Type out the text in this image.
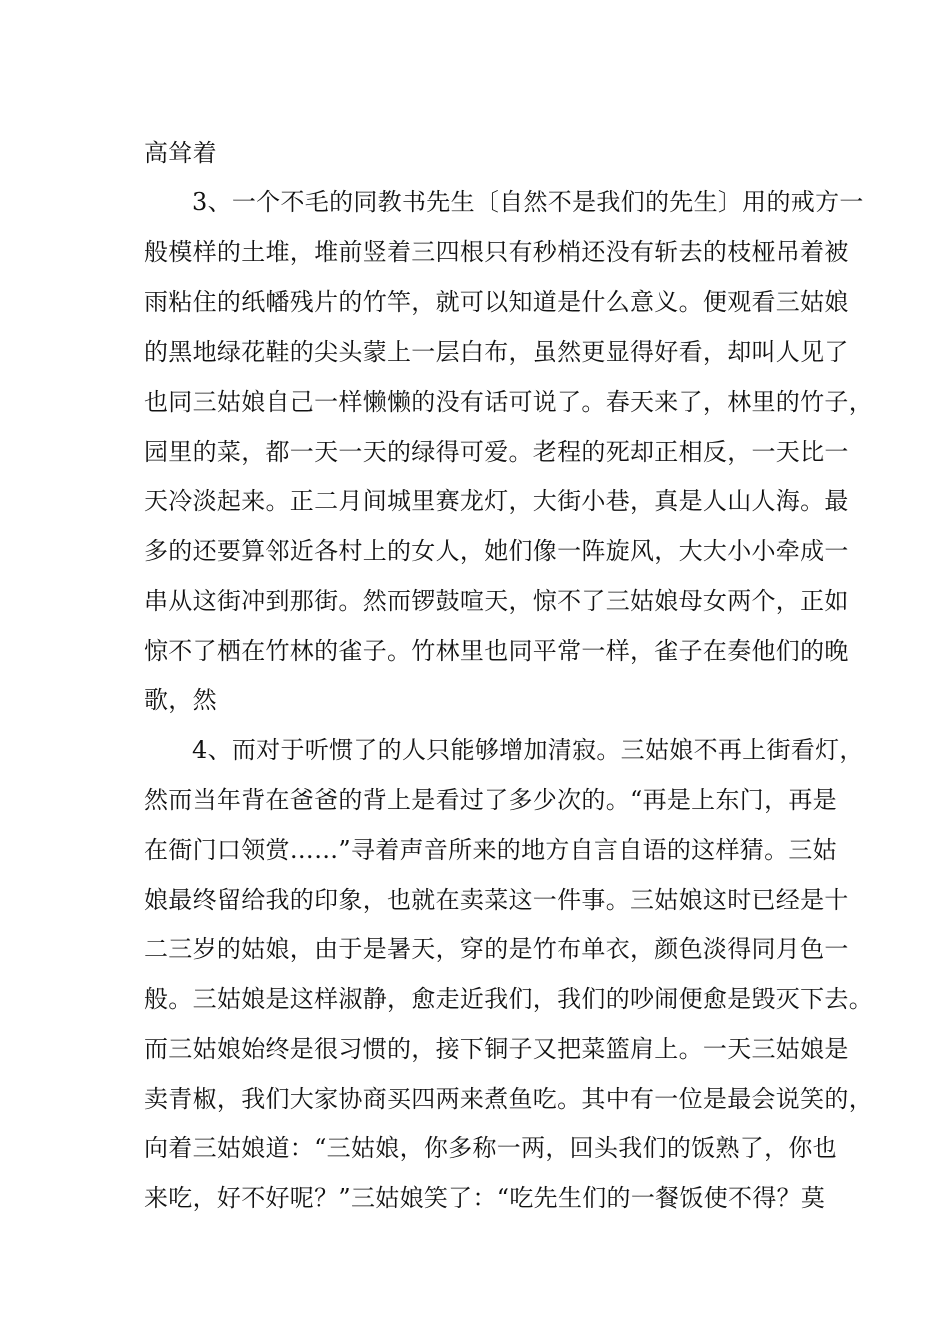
高耸着
3、一个不毛的同教书先生〔自然不是我们的先生〕用的戒方一
般模样的土堆，堆前竖着三四根只有秒梢还没有斩去的枝桠吊着被
雨粘住的纸幡残片的竹竿，就可以知道是什么意义。便观看三姑娘
的黑地绿花鞋的尖头蒙上一层白布，虽然更显得好看，却叫人见了
也同三姑娘自己一样懒懒的没有话可说了。春天来了，林里的竹子，
园里的菜，都一天一天的绿得可爱。老程的死却正相反，一天比一
天冷淡起来。正二月间城里赛龙灯，大街小巷，真是人山人海。最
多的还要算邻近各村上的女人，她们像一阵旋风，大大小小牵成一
串从这街冲到那街。然而锣鼓喧天，惊不了三姑娘母女两个，正如
惊不了栖在竹林的雀子。竹林里也同平常一样，雀子在奏他们的晚
歌，然
4、而对于听惯了的人只能够增加清寂。三姑娘不再上街看灯，
然而当年背在爸爸的背上是看过了多少次的。“再是上东门，再是
在衙门口领赏……”寻着声音所来的地方自言自语的这样猜。三姑
娘最终留给我的印象，也就在卖菜这一件事。三姑娘这时已经是十
二三岁的姑娘，由于是暑天，穿的是竹布单衣，颜色淡得同月色一
般。三姑娘是这样淑静，愈走近我们，我们的吵闹便愈是毁灭下去。
而三姑娘始终是很习惯的，接下铜子又把菜篮肩上。一天三姑娘是
卖青椒，我们大家协商买四两来煮鱼吃。其中有一位是最会说笑的，
向着三姑娘道：“三姑娘，你多称一两，回头我们的饭熟了，你也
来吃，好不好呢？”三姑娘笑了：“吃先生们的一餐饭使不得？莫
